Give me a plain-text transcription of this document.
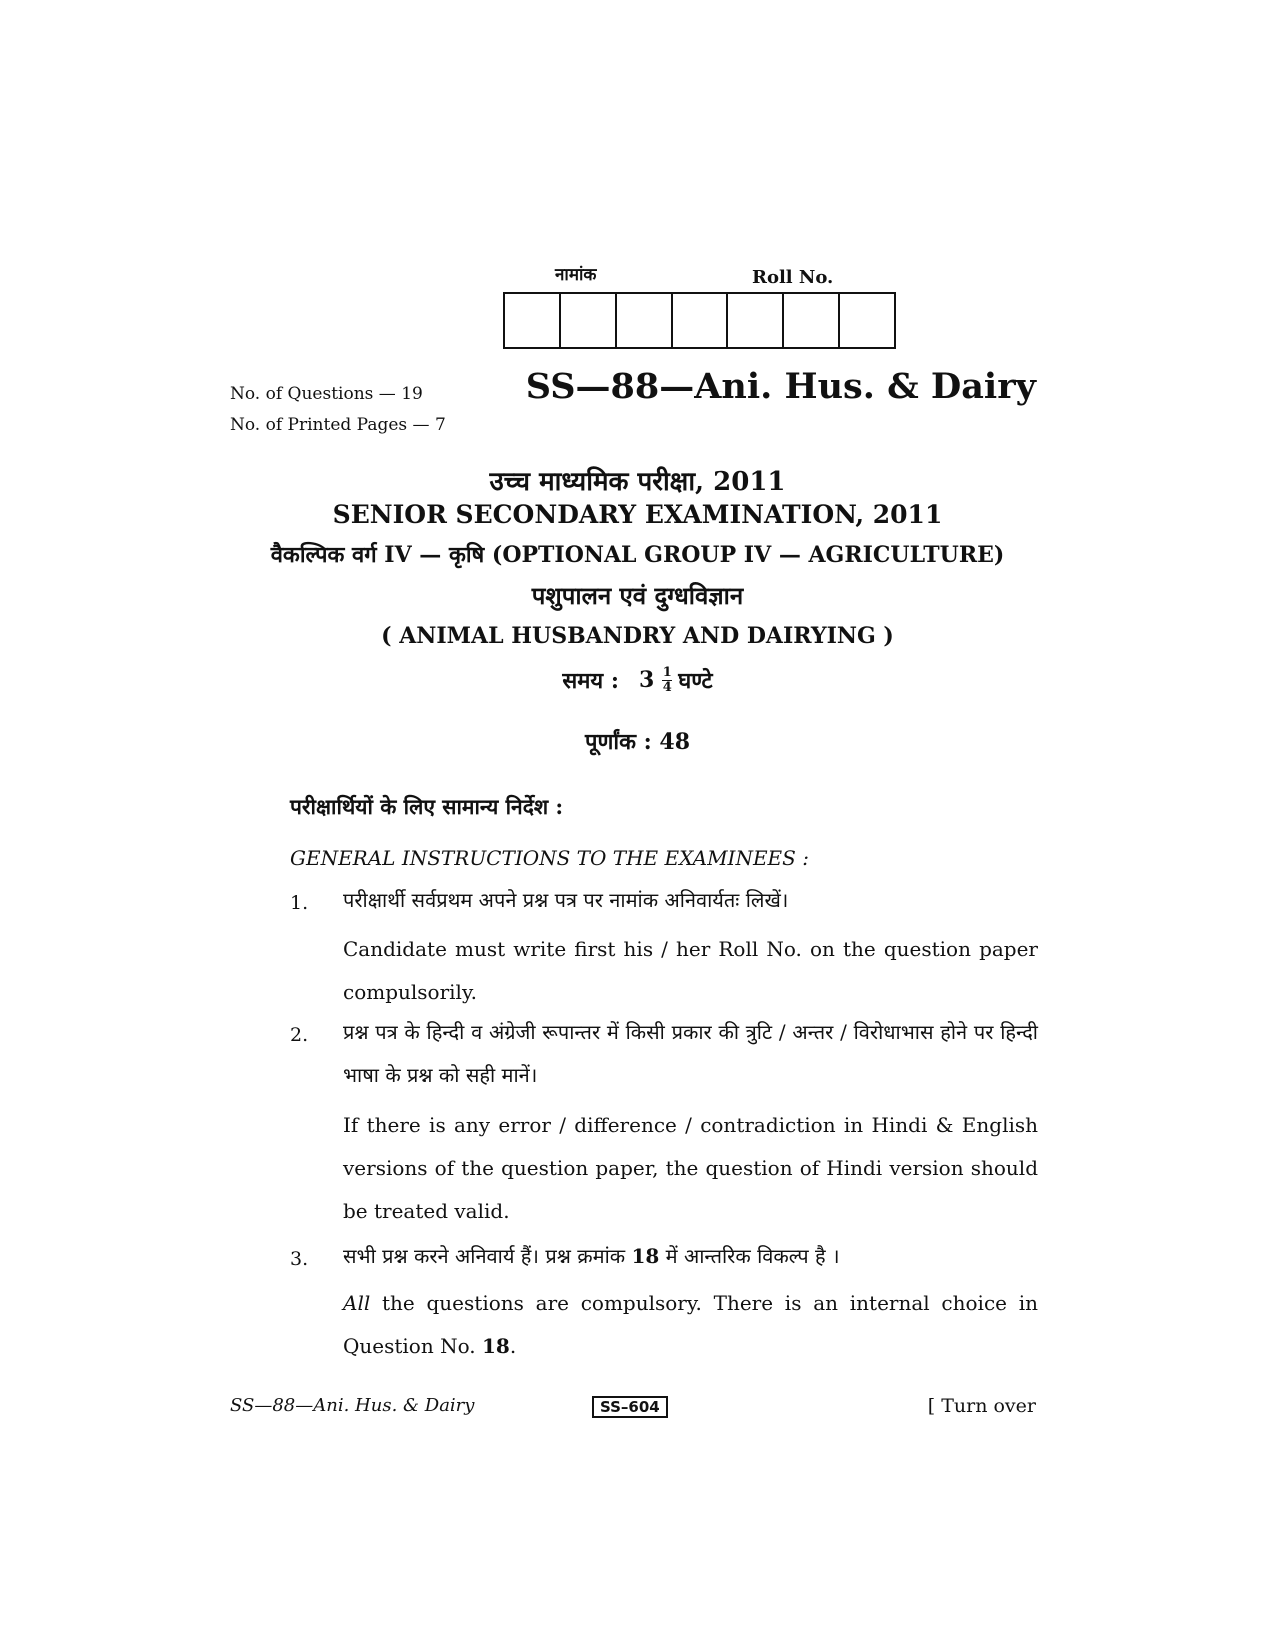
नामांक	Roll No.
No. of Questions — 19
No. of Printed Pages — 7
SS—88—Ani. Hus. & Dairy
उच्च माध्यमिक परीक्षा, 2011
SENIOR SECONDARY EXAMINATION, 2011
वैकल्पिक वर्ग IV — कृषि (OPTIONAL GROUP IV — AGRICULTURE)
पशुपालन एवं दुग्धविज्ञान
( ANIMAL HUSBANDRY AND DAIRYING )
समय : $3 \frac{1}{4}$ घण्टे
पूर्णांक : 48
परीक्षार्थियों के लिए सामान्य निर्देश :
GENERAL INSTRUCTIONS TO THE EXAMINEES :
1. परीक्षार्थी सर्वप्रथम अपने प्रश्न पत्र पर नामांक अनिवार्यतः लिखें।
Candidate must write first his / her Roll No. on the question paper compulsorily.
2. प्रश्न पत्र के हिन्दी व अंग्रेजी रूपान्तर में किसी प्रकार की त्रुटि / अन्तर / विरोधाभास होने पर हिन्दी भाषा के प्रश्न को सही मानें।
If there is any error / difference / contradiction in Hindi & English versions of the question paper, the question of Hindi version should be treated valid.
3. सभी प्रश्न करने अनिवार्य हैं। प्रश्न क्रमांक 18 में आन्तरिक विकल्प है ।
All the questions are compulsory. There is an internal choice in Question No. 18.
SS—88—Ani. Hus. & Dairy	SS–604	[ Turn over
